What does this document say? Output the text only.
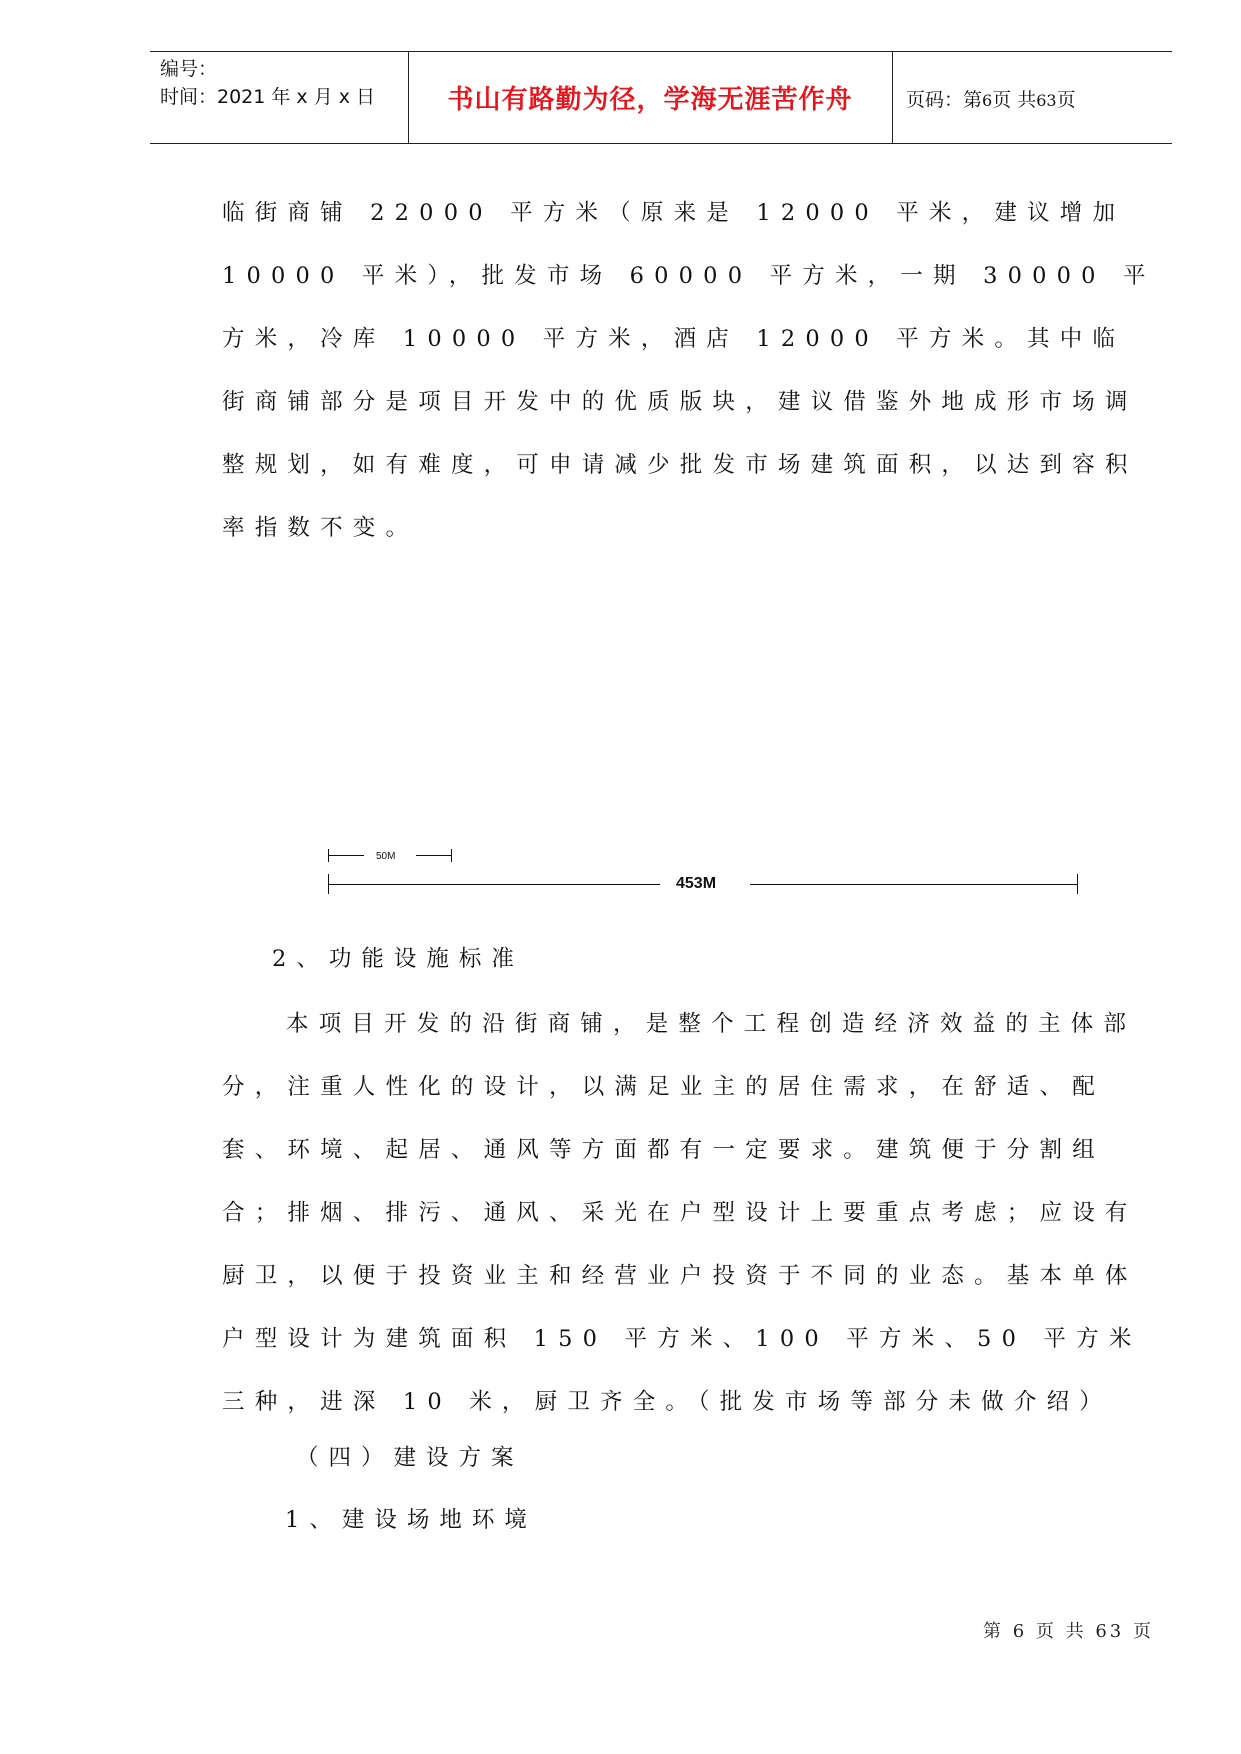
编号：
时间：2021 年 x 月 x 日	书山有路勤为径，学海无涯苦作舟	页码：第6页 共63页
临街商铺 22000 平方米（原来是 12000 平米，建议增加 10000 平米），批发市场 60000 平方米，一期 30000 平方米，冷库 10000 平方米，酒店 12000 平方米。其中临街商铺部分是项目开发中的优质版块，建议借鉴外地成形市场调整规划，如有难度，可申请减少批发市场建筑面积，以达到容积率指数不变。
50M
453M
2、功能设施标准
本项目开发的沿街商铺，是整个工程创造经济效益的主体部分，注重人性化的设计，以满足业主的居住需求，在舒适、配套、环境、起居、通风等方面都有一定要求。建筑便于分割组合；排烟、排污、通风、采光在户型设计上要重点考虑；应设有厨卫，以便于投资业主和经营业户投资于不同的业态。基本单体户型设计为建筑面积 150 平方米、100 平方米、50 平方米三种，进深 10 米，厨卫齐全。（批发市场等部分未做介绍）
（四）建设方案
1、建设场地环境
第 6 页 共 63 页
